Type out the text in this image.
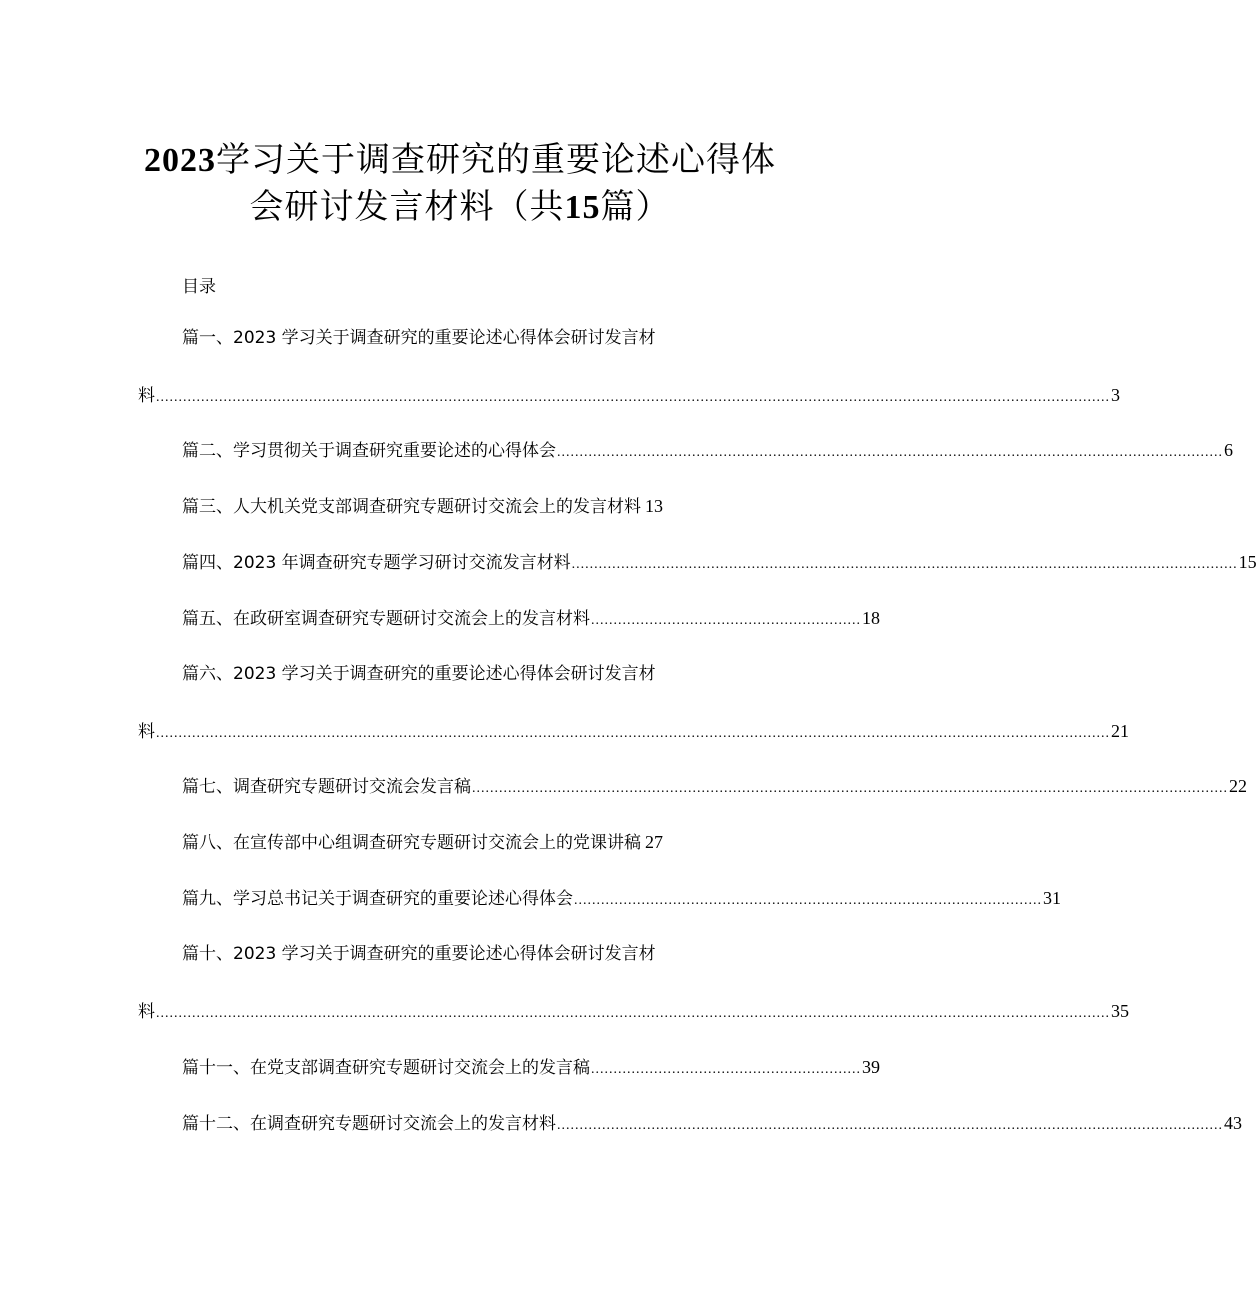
2023学习关于调查研究的重要论述心得体
会研讨发言材料（共15篇）
目录
篇一、2023 学习关于调查研究的重要论述心得体会研讨发言材
料 .................................................................................................................................................................................................................... 3
篇二、学习贯彻关于调查研究重要论述的心得体会 .................................................................................................................................................... 6
篇三、人大机关党支部调查研究专题研讨交流会上的发言材料 13
篇四、2023 年调查研究专题学习研讨交流发言材料 .................................................................................................................................................... 15
篇五、在政研室调查研究专题研讨交流会上的发言材料 ............................................................ 18
篇六、2023 学习关于调查研究的重要论述心得体会研讨发言材
料 .................................................................................................................................................................................................................... 21
篇七、调查研究专题研讨交流会发言稿 ........................................................................................................................................................................ 22
篇八、在宣传部中心组调查研究专题研讨交流会上的党课讲稿 27
篇九、学习总书记关于调查研究的重要论述心得体会 ........................................................................................................ 31
篇十、2023 学习关于调查研究的重要论述心得体会研讨发言材
料 .................................................................................................................................................................................................................... 35
篇十一、在党支部调查研究专题研讨交流会上的发言稿 ............................................................ 39
篇十二、在调查研究专题研讨交流会上的发言材料 .................................................................................................................................................... 43
